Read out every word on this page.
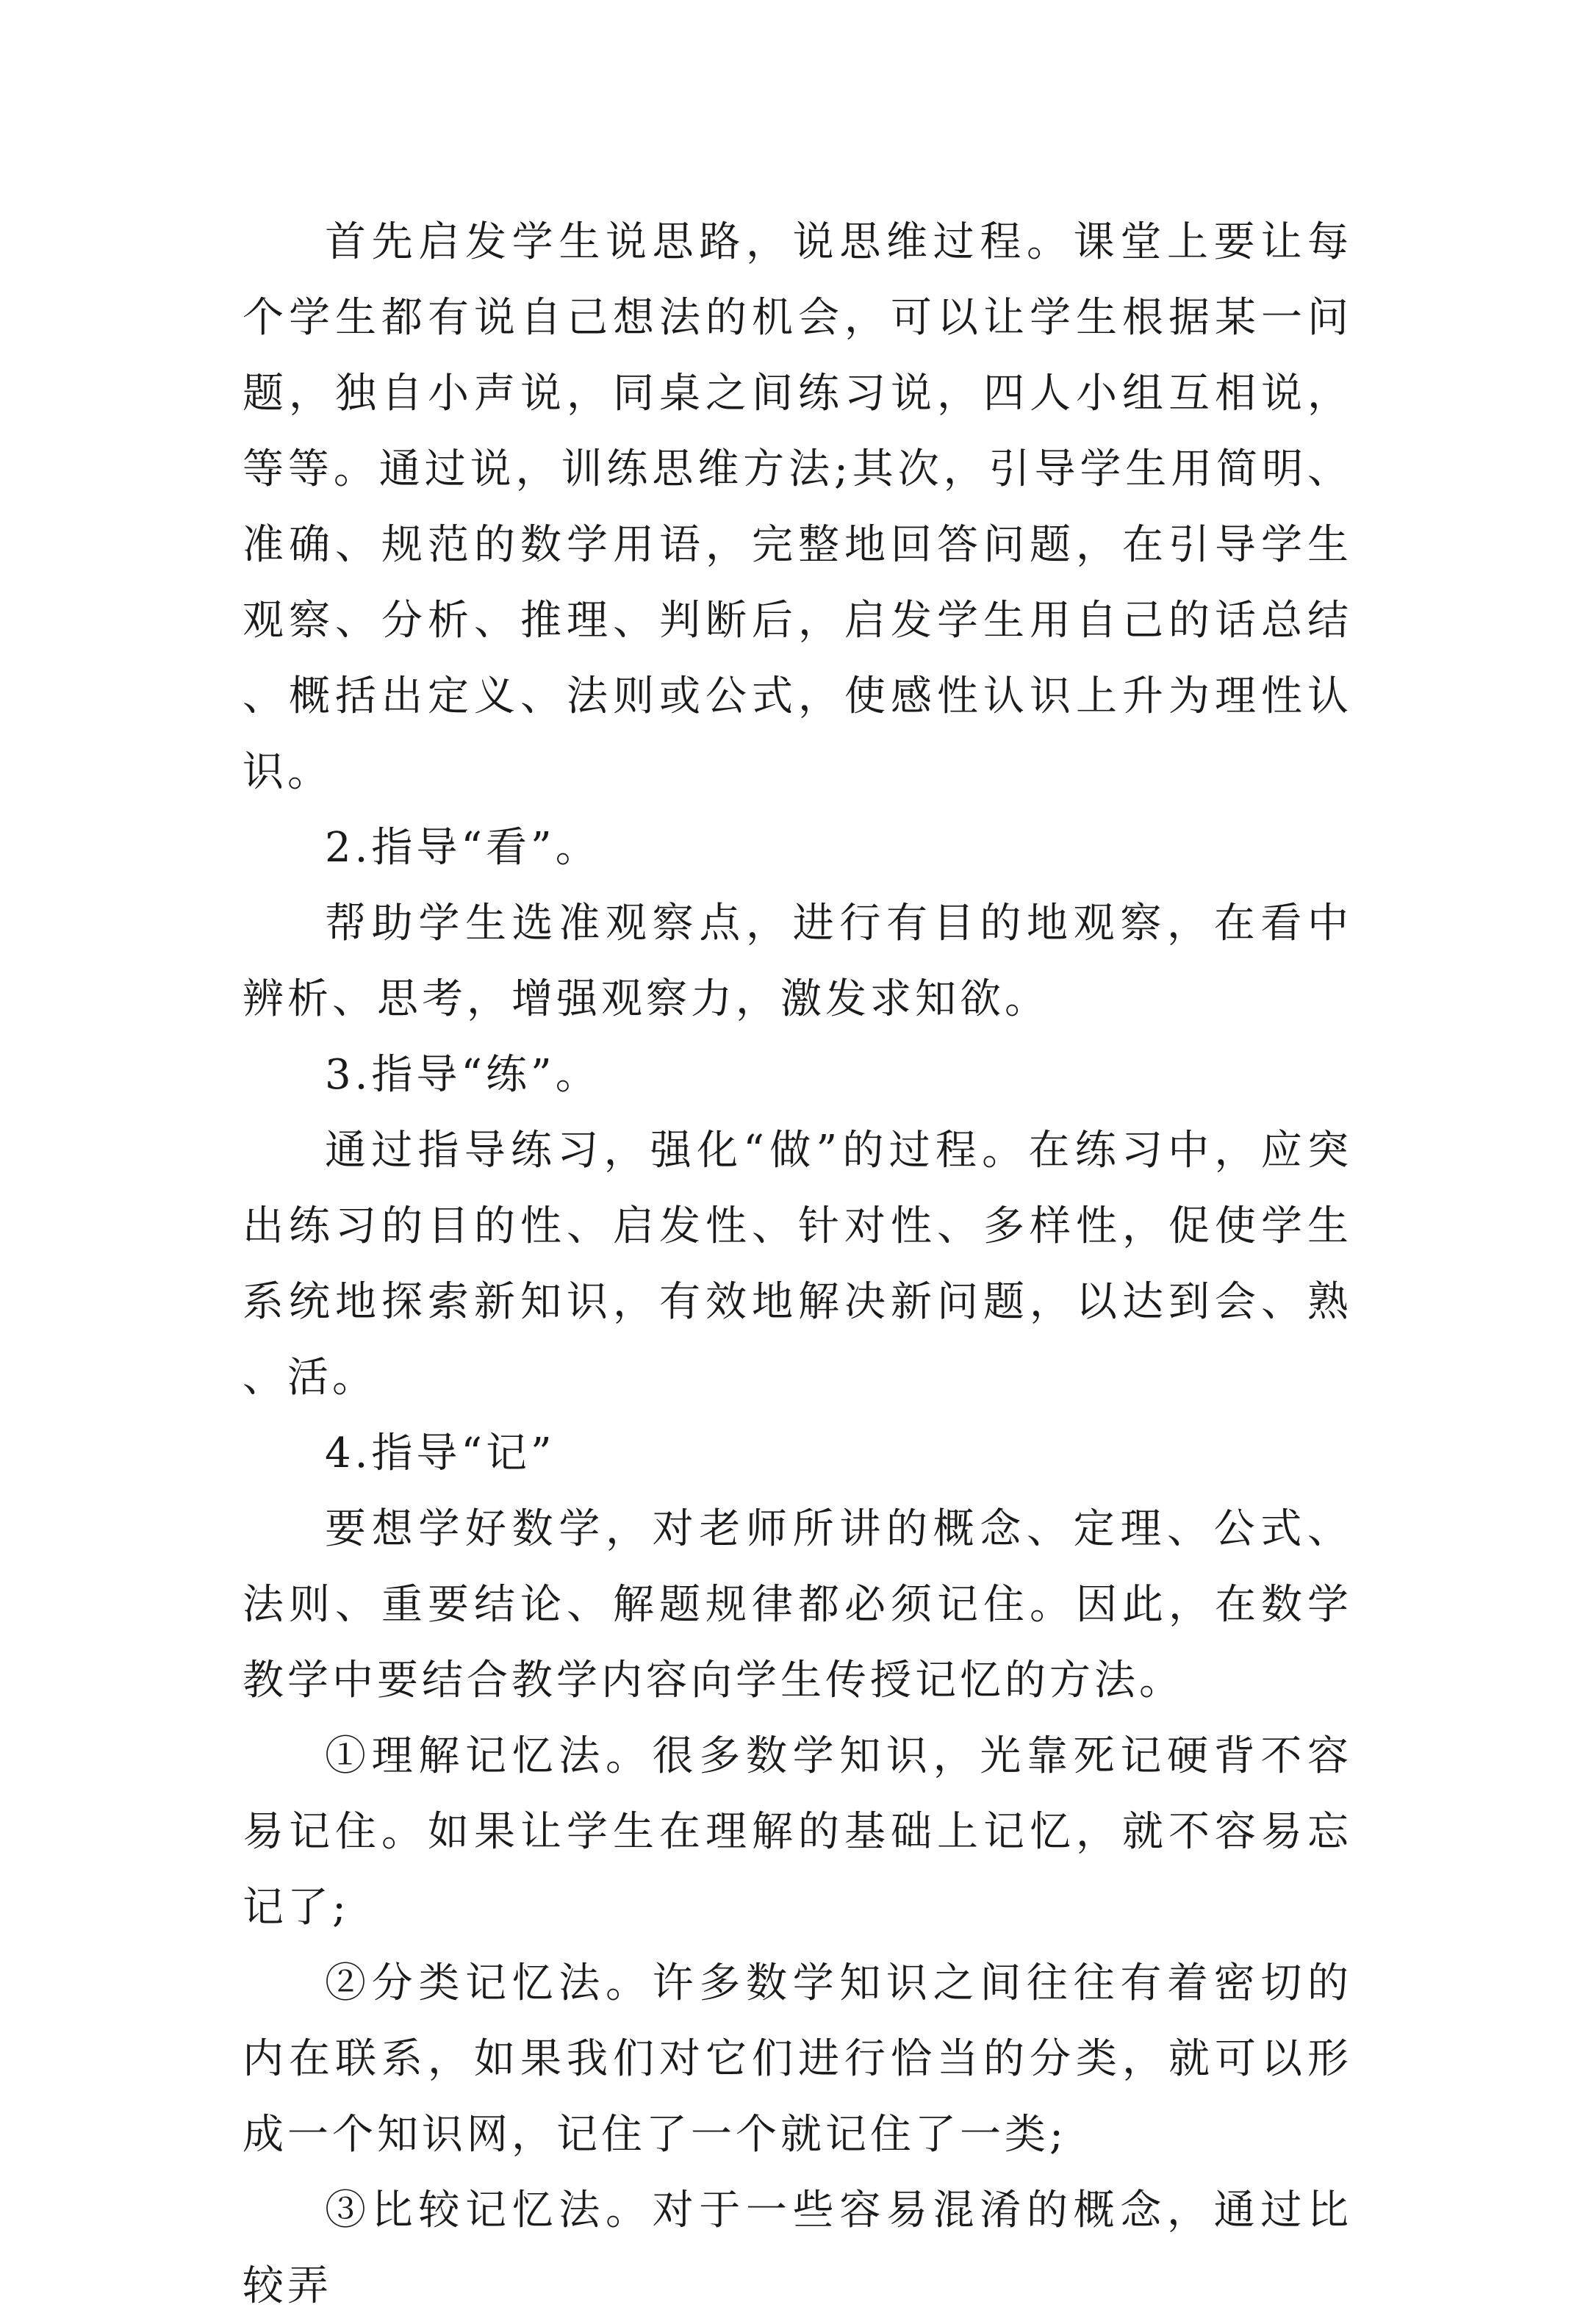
首先启发学生说思路，说思维过程。课堂上要让每个学生都有说自己想法的机会，可以让学生根据某一问题，独自小声说，同桌之间练习说，四人小组互相说，等等。通过说，训练思维方法;其次，引导学生用简明、准确、规范的数学用语，完整地回答问题，在引导学生观察、分析、推理、判断后，启发学生用自己的话总结、概括出定义、法则或公式，使感性认识上升为理性认识。

2.指导“看”。

帮助学生选准观察点，进行有目的地观察，在看中辨析、思考，增强观察力，激发求知欲。

3.指导“练”。

通过指导练习，强化“做”的过程。在练习中，应突出练习的目的性、启发性、针对性、多样性，促使学生系统地探索新知识，有效地解决新问题，以达到会、熟、活。

4.指导“记”

要想学好数学，对老师所讲的概念、定理、公式、法则、重要结论、解题规律都必须记住。因此，在数学教学中要结合教学内容向学生传授记忆的方法。

①理解记忆法。很多数学知识，光靠死记硬背不容易记住。如果让学生在理解的基础上记忆，就不容易忘记了;

②分类记忆法。许多数学知识之间往往有着密切的内在联系，如果我们对它们进行恰当的分类，就可以形成一个知识网，记住了一个就记住了一类;

③比较记忆法。对于一些容易混淆的概念，通过比较弄
